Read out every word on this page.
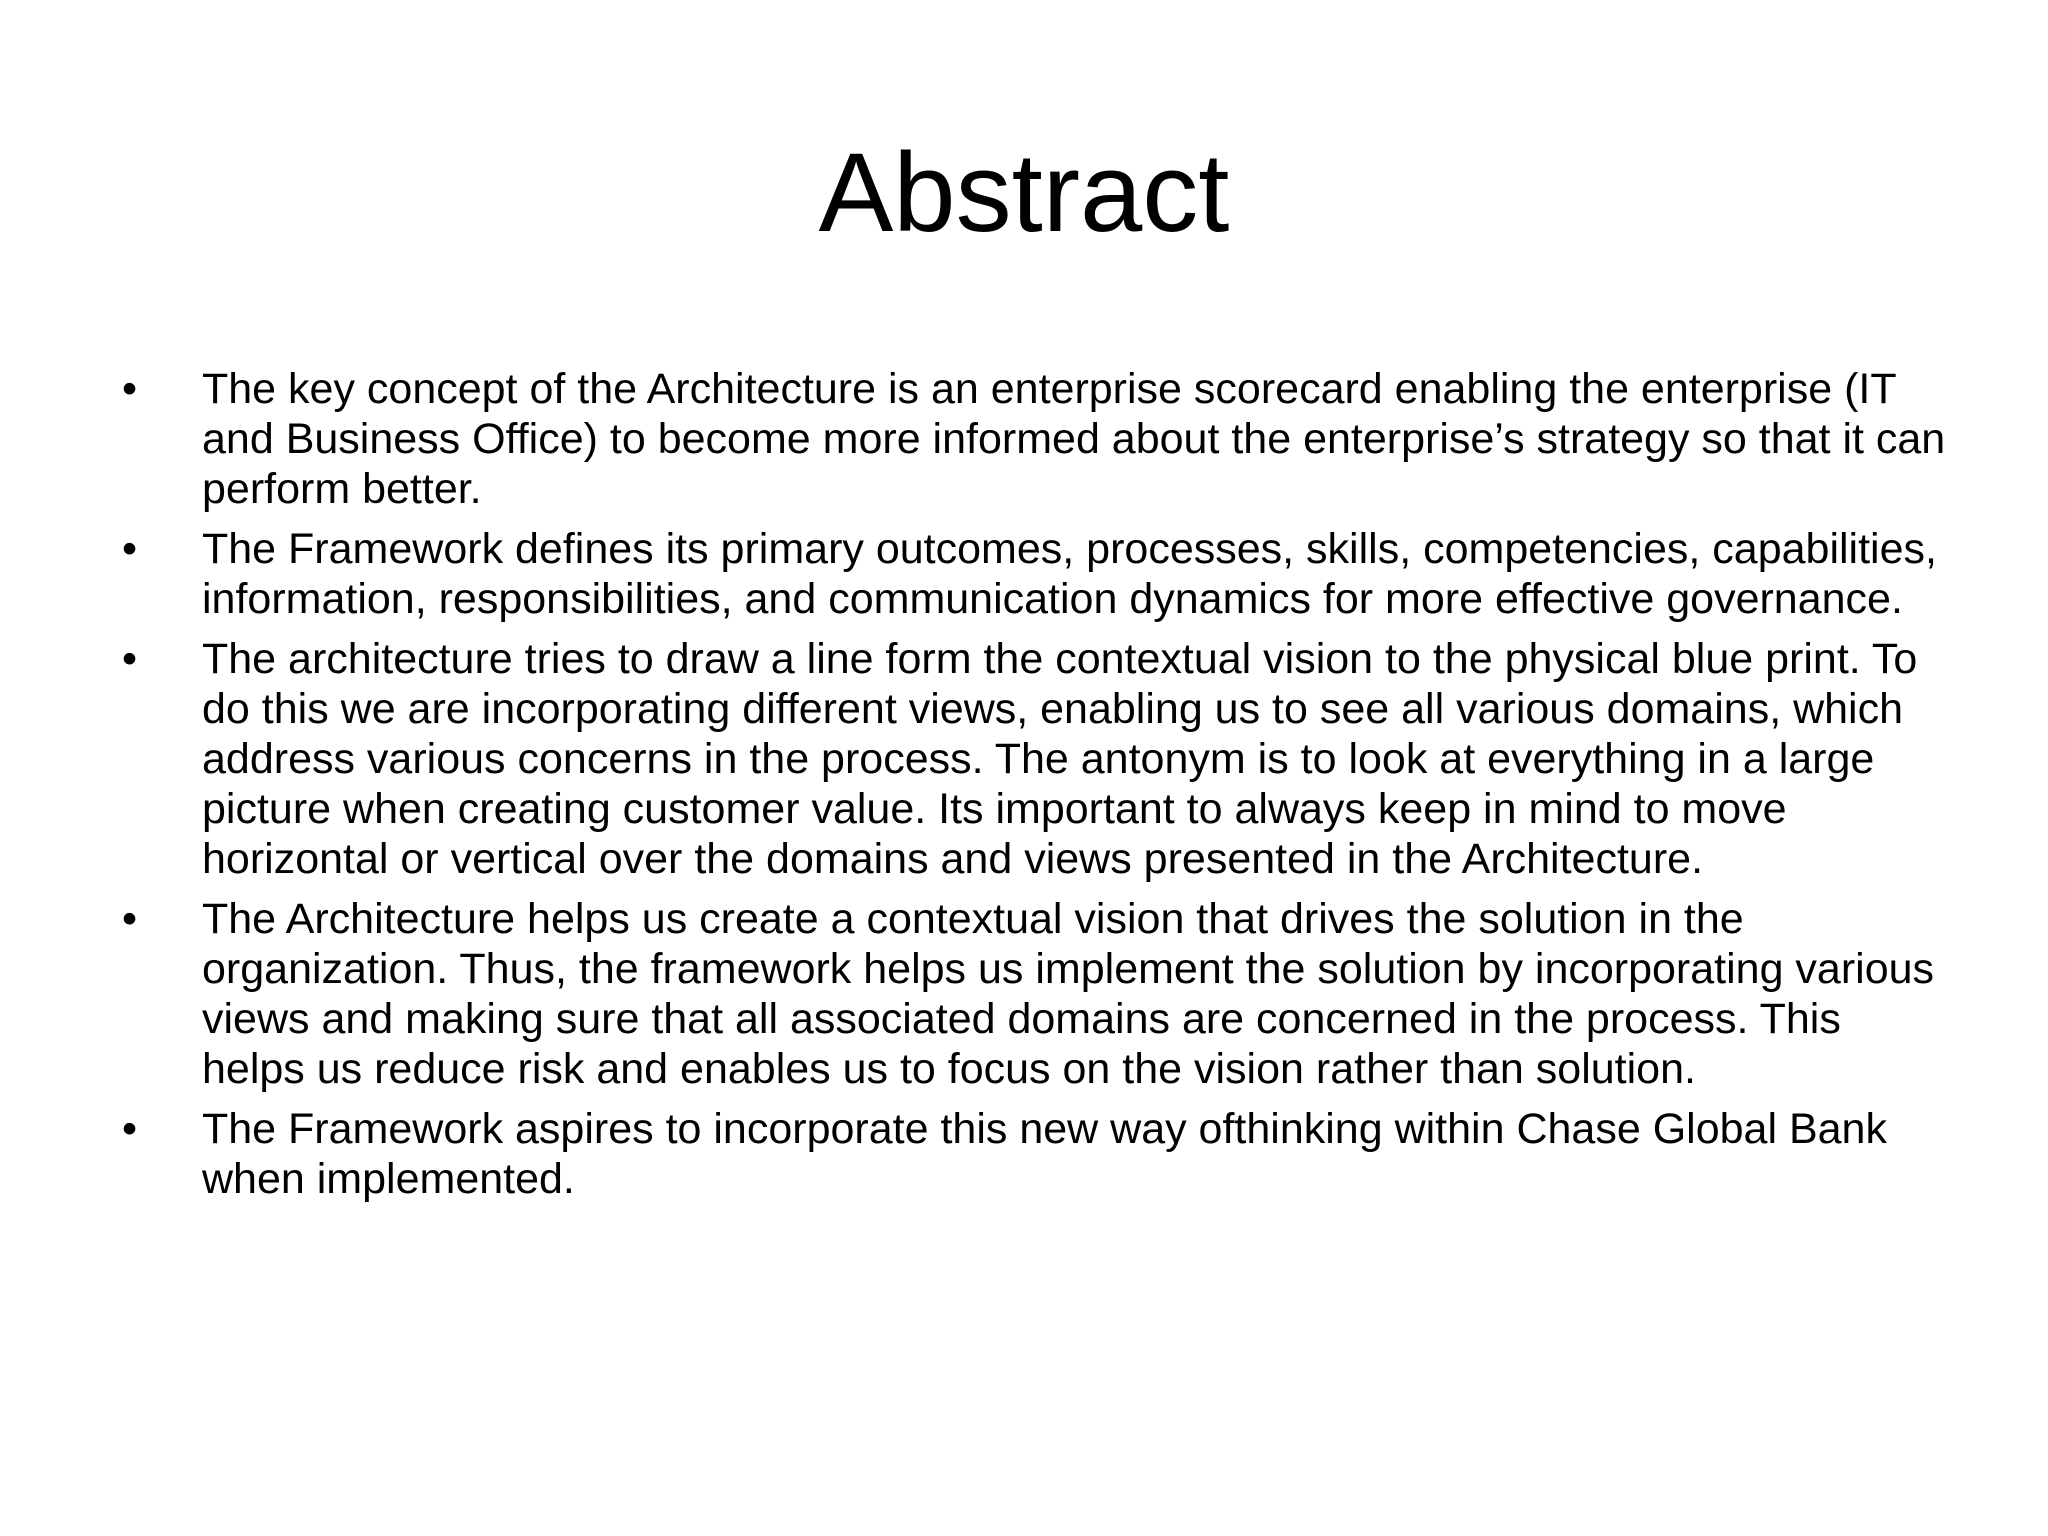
Abstract
•	The key concept of the Architecture is an enterprise scorecard enabling the enterprise (IT and Business Office) to become more informed about the enterprise’s strategy so that it can perform better.
•	The Framework defines its primary outcomes, processes, skills, competencies, capabilities, information, responsibilities, and communication dynamics for more effective governance.
•	The architecture tries to draw a line form the contextual vision to the physical blue print. To do this we are incorporating different views, enabling us to see all various domains, which address various concerns in the process. The antonym is to look at everything in a large picture when creating customer value. Its important to always keep in mind to move horizontal or vertical over the domains and views presented in the Architecture.
•	The Architecture helps us create a contextual vision that drives the solution in the organization. Thus, the framework helps us implement the solution by incorporating various views and making sure that all associated domains are concerned in the process. This helps us reduce risk and enables us to focus on the vision rather than solution.
•	The Framework aspires to incorporate this new way ofthinking within Chase Global Bank when implemented.
